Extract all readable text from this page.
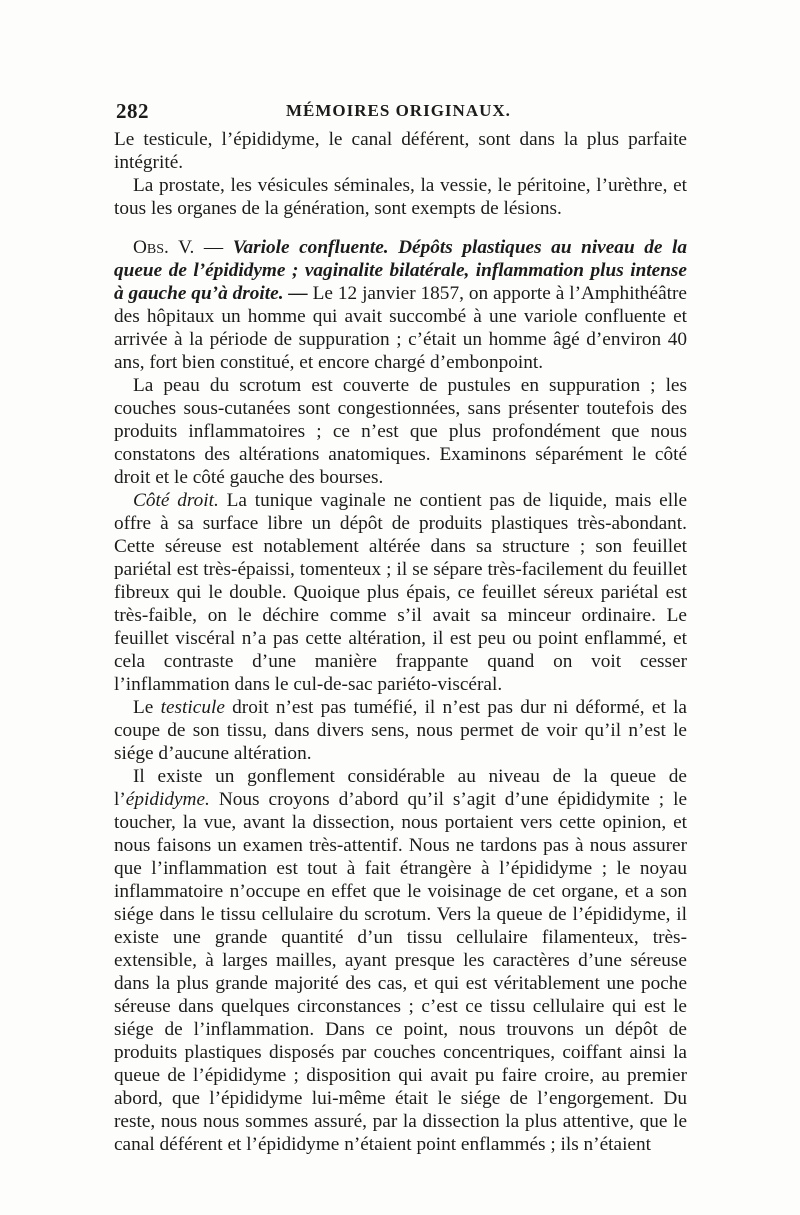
282	MÉMOIRES ORIGINAUX.

Le testicule, l’épididyme, le canal déférent, sont dans la plus parfaite intégrité.

La prostate, les vésicules séminales, la vessie, le péritoine, l’urèthre, et tous les organes de la génération, sont exempts de lésions.

Obs. V. — Variole confluente. Dépôts plastiques au niveau de la queue de l’épididyme ; vaginalite bilatérale, inflammation plus intense à gauche qu’à droite. — Le 12 janvier 1857, on apporte à l’Amphithéâtre des hôpitaux un homme qui avait succombé à une variole confluente et arrivée à la période de suppuration ; c’était un homme âgé d’environ 40 ans, fort bien constitué, et encore chargé d’embonpoint.

La peau du scrotum est couverte de pustules en suppuration ; les couches sous-cutanées sont congestionnées, sans présenter toutefois des produits inflammatoires ; ce n’est que plus profondément que nous constatons des altérations anatomiques. Examinons séparément le côté droit et le côté gauche des bourses.

Côté droit. La tunique vaginale ne contient pas de liquide, mais elle offre à sa surface libre un dépôt de produits plastiques très-abondant. Cette séreuse est notablement altérée dans sa structure ; son feuillet pariétal est très-épaissi, tomenteux ; il se sépare très-facilement du feuillet fibreux qui le double. Quoique plus épais, ce feuillet séreux pariétal est très-faible, on le déchire comme s’il avait sa minceur ordinaire. Le feuillet viscéral n’a pas cette altération, il est peu ou point enflammé, et cela contraste d’une manière frappante quand on voit cesser l’inflammation dans le cul-de-sac pariéto-viscéral.

Le testicule droit n’est pas tuméfié, il n’est pas dur ni déformé, et la coupe de son tissu, dans divers sens, nous permet de voir qu’il n’est le siége d’aucune altération.

Il existe un gonflement considérable au niveau de la queue de l’épididyme. Nous croyons d’abord qu’il s’agit d’une épididymite ; le toucher, la vue, avant la dissection, nous portaient vers cette opinion, et nous faisons un examen très-attentif. Nous ne tardons pas à nous assurer que l’inflammation est tout à fait étrangère à l’épididyme ; le noyau inflammatoire n’occupe en effet que le voisinage de cet organe, et a son siége dans le tissu cellulaire du scrotum. Vers la queue de l’épididyme, il existe une grande quantité d’un tissu cellulaire filamenteux, très-extensible, à larges mailles, ayant presque les caractères d’une séreuse dans la plus grande majorité des cas, et qui est véritablement une poche séreuse dans quelques circonstances ; c’est ce tissu cellulaire qui est le siége de l’inflammation. Dans ce point, nous trouvons un dépôt de produits plastiques disposés par couches concentriques, coiffant ainsi la queue de l’épididyme ; disposition qui avait pu faire croire, au premier abord, que l’épididyme lui-même était le siége de l’engorgement. Du reste, nous nous sommes assuré, par la dissection la plus attentive, que le canal déférent et l’épididyme n’étaient point enflammés ; ils n’étaient
